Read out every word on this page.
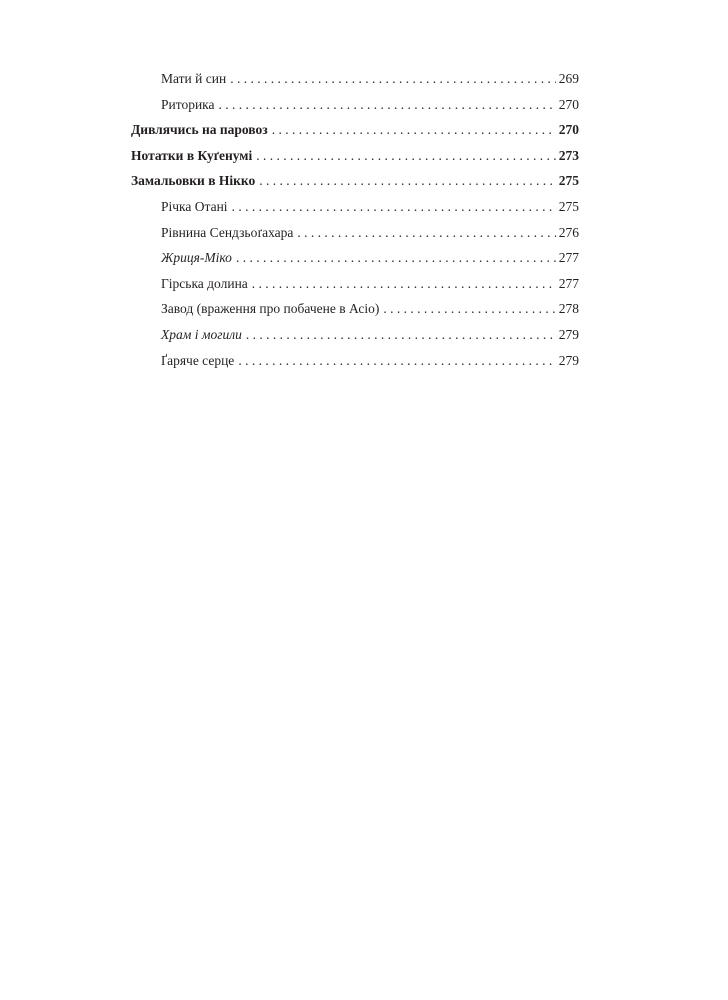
Мати й син . . .	269
Риторика . . .	270
Дивлячись на паровоз . . .	270
Нотатки в Куґенумі . . .	273
Замальовки в Нікко . . .	275
Річка Отані . . .	275
Рівнина Сендзьоґахара . . .	276
Жриця-Міко . . .	277
Гірська долина . . .	277
Завод (враження про побачене в Асіо) . . .	278
Храм і могили . . .	279
Ґаряче серце . . .	279
